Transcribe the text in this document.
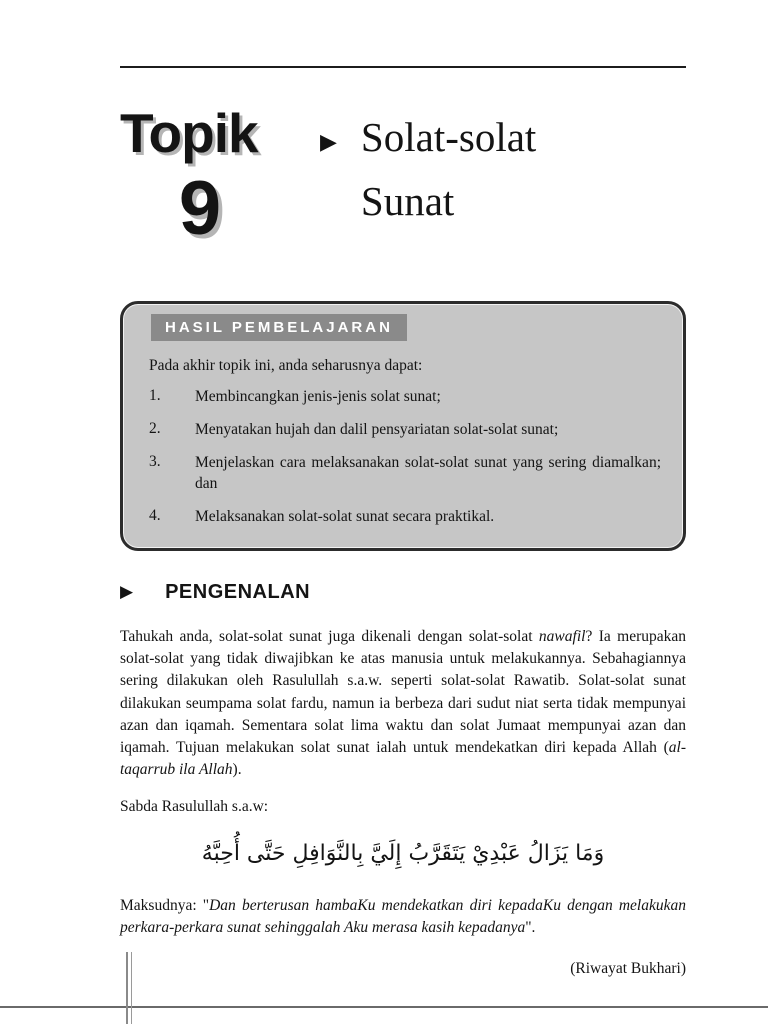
Topik
9
▶ Solat-solat
Sunat
HASIL PEMBELAJARAN
Pada akhir topik ini, anda seharusnya dapat:
1.	Membincangkan jenis-jenis solat sunat;
2.	Menyatakan hujah dan dalil pensyariatan solat-solat sunat;
3.	Menjelaskan cara melaksanakan solat-solat sunat yang sering diamalkan; dan
4.	Melaksanakan solat-solat sunat secara praktikal.
▶ PENGENALAN

Tahukah anda, solat-solat sunat juga dikenali dengan solat-solat nawafil? Ia merupakan solat-solat yang tidak diwajibkan ke atas manusia untuk melakukannya. Sebahagiannya sering dilakukan oleh Rasulullah s.a.w. seperti solat-solat Rawatib. Solat-solat sunat dilakukan seumpama solat fardu, namun ia berbeza dari sudut niat serta tidak mempunyai azan dan iqamah. Sementara solat lima waktu dan solat Jumaat mempunyai azan dan iqamah. Tujuan melakukan solat sunat ialah untuk mendekatkan diri kepada Allah (al-taqarrub ila Allah).

Sabda Rasulullah s.a.w:
وَمَا يَزَالُ عَبْدِيْ يَتَقَرَّبُ إِلَيَّ بِالنَّوَافِلِ حَتَّى أُحِبَّهُ

Maksudnya: "Dan berterusan hambaKu mendekatkan diri kepadaKu dengan melakukan perkara-perkara sunat sehinggalah Aku merasa kasih kepadanya".

(Riwayat Bukhari)
